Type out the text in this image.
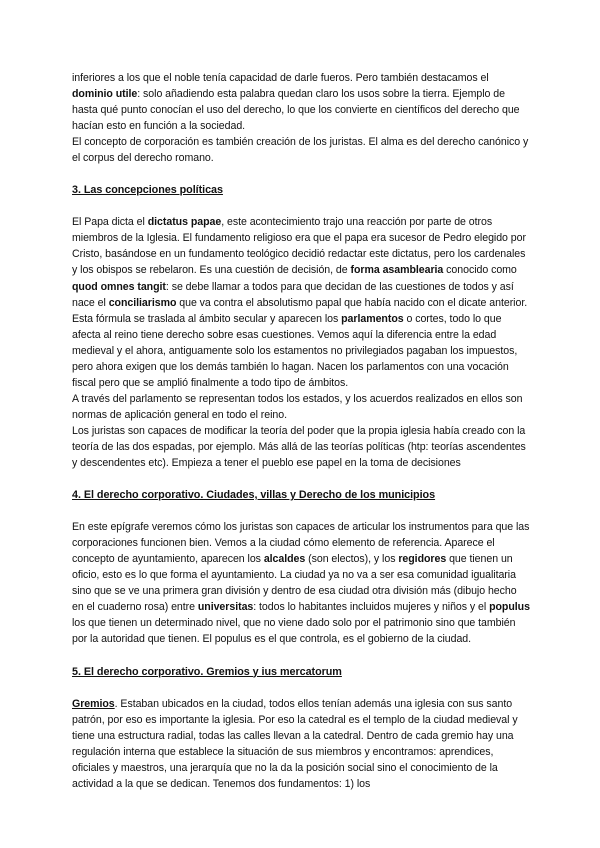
inferiores a los que el noble tenía capacidad de darle fueros. Pero también destacamos el dominio utile: solo añadiendo esta palabra quedan claro los usos sobre la tierra. Ejemplo de hasta qué punto conocían el uso del derecho, lo que los convierte en científicos del derecho que hacían esto en función a la sociedad.

El concepto de corporación es también creación de los juristas. El alma es del derecho canónico y el corpus del derecho romano.

3. Las concepciones políticas

El Papa dicta el dictatus papae, este acontecimiento trajo una reacción por parte de otros miembros de la Iglesia. El fundamento religioso era que el papa era sucesor de Pedro elegido por Cristo, basándose en un fundamento teológico decidió redactar este dictatus, pero los cardenales y los obispos se rebelaron. Es una cuestión de decisión, de forma asamblearia conocido como quod omnes tangit: se debe llamar a todos para que decidan de las cuestiones de todos y así nace el conciliarismo que va contra el absolutismo papal que había nacido con el dicate anterior. Esta fórmula se traslada al ámbito secular y aparecen los parlamentos o cortes, todo lo que afecta al reino tiene derecho sobre esas cuestiones. Vemos aquí la diferencia entre la edad medieval y el ahora, antiguamente solo los estamentos no privilegiados pagaban los impuestos, pero ahora exigen que los demás también lo hagan. Nacen los parlamentos con una vocación fiscal pero que se amplió finalmente a todo tipo de ámbitos.

A través del parlamento se representan todos los estados, y los acuerdos realizados en ellos son normas de aplicación general en todo el reino.

Los juristas son capaces de modificar la teoría del poder que la propia iglesia había creado con la teoría de las dos espadas, por ejemplo. Más allá de las teorías políticas (htp: teorías ascendentes y descendentes etc). Empieza a tener el pueblo ese papel en la toma de decisiones

4. El derecho corporativo. Ciudades, villas y Derecho de los municipios

En este epígrafe veremos cómo los juristas son capaces de articular los instrumentos para que las corporaciones funcionen bien. Vemos a la ciudad cómo elemento de referencia. Aparece el concepto de ayuntamiento, aparecen los alcaldes (son electos), y los regidores que tienen un oficio, esto es lo que forma el ayuntamiento. La ciudad ya no va a ser esa comunidad igualitaria sino que se ve una primera gran división y dentro de esa ciudad otra división más (dibujo hecho en el cuaderno rosa) entre universitas: todos lo habitantes incluidos mujeres y niños y el populus los que tienen un determinado nivel, que no viene dado solo por el patrimonio sino que también por la autoridad que tienen. El populus es el que controla, es el gobierno de la ciudad.

5. El derecho corporativo. Gremios y ius mercatorum

Gremios. Estaban ubicados en la ciudad, todos ellos tenían además una iglesia con sus santo patrón, por eso es importante la iglesia. Por eso la catedral es el templo de la ciudad medieval y tiene una estructura radial, todas las calles llevan a la catedral. Dentro de cada gremio hay una regulación interna que establece la situación de sus miembros y encontramos: aprendices, oficiales y maestros, una jerarquía que no la da la posición social sino el conocimiento de la actividad a la que se dedican. Tenemos dos fundamentos: 1) los
